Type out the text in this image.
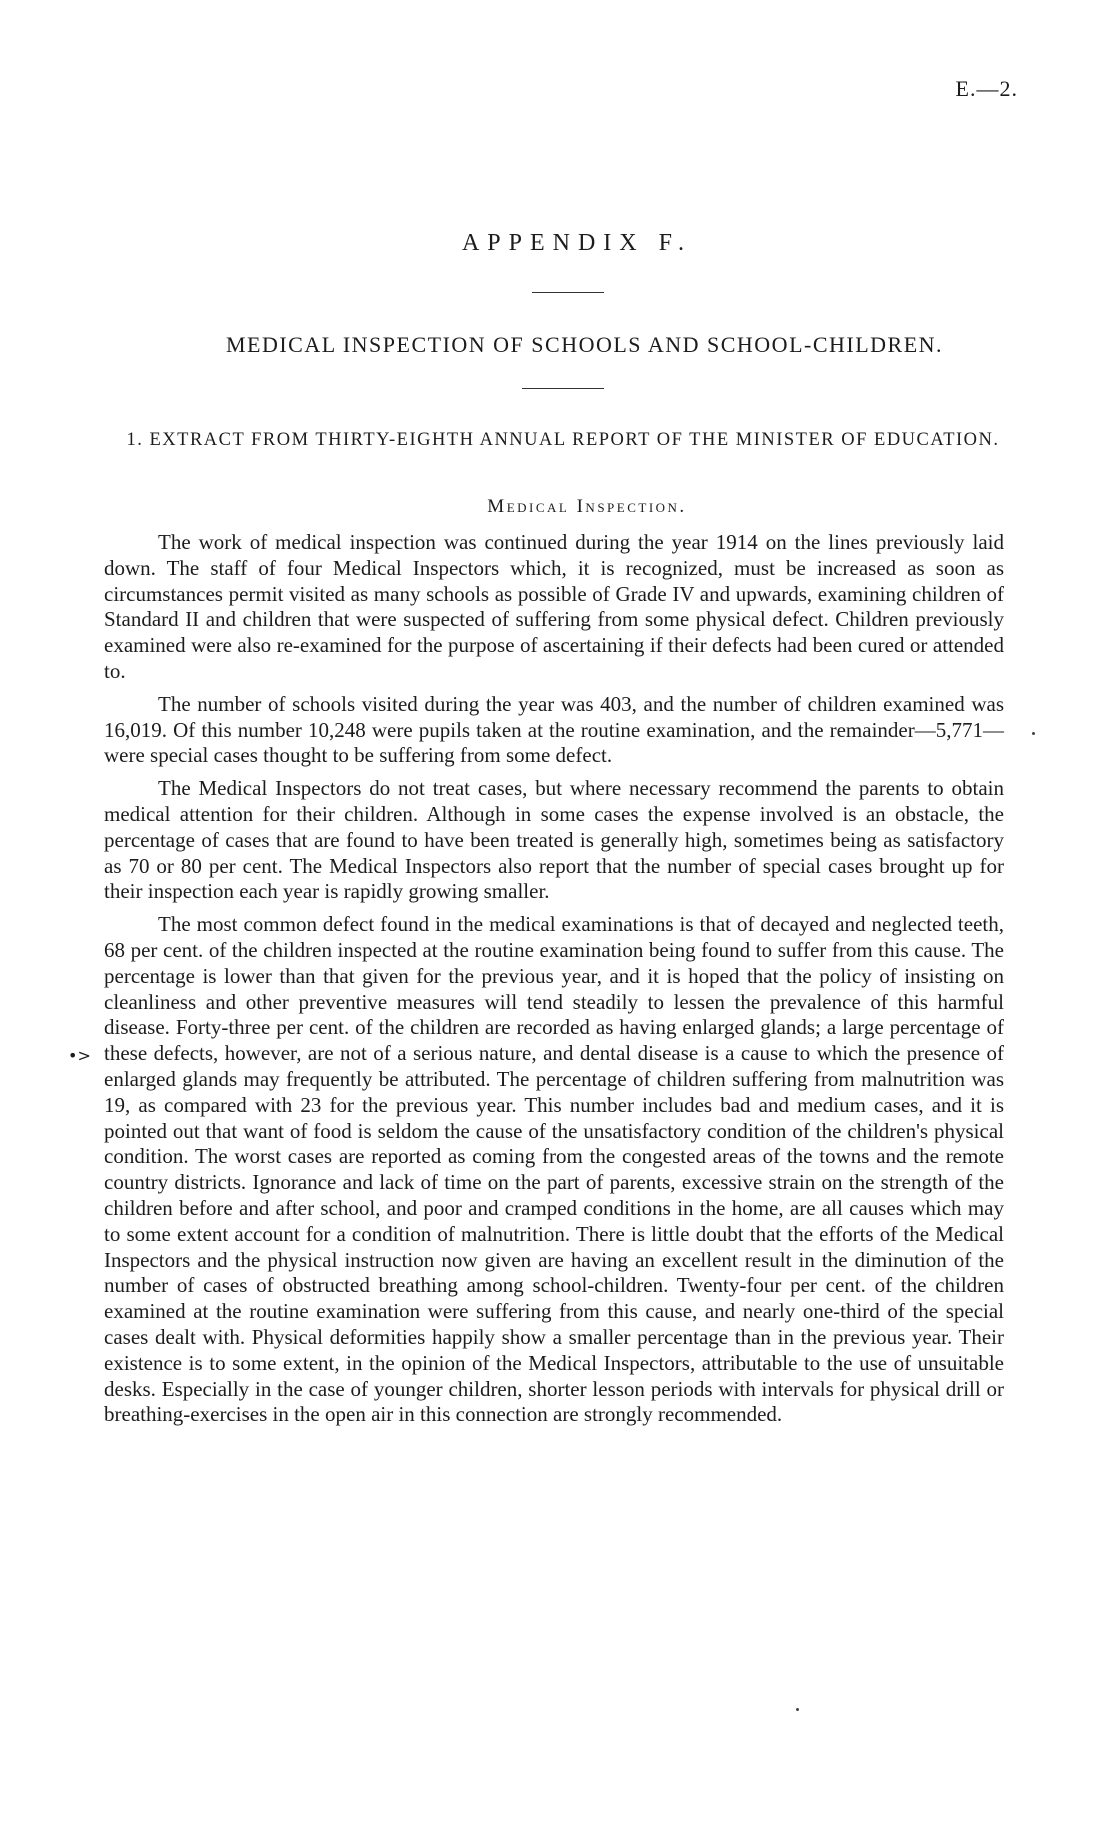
E.—2.
APPENDIX F.
MEDICAL INSPECTION OF SCHOOLS AND SCHOOL-CHILDREN.
1. EXTRACT FROM THIRTY-EIGHTH ANNUAL REPORT OF THE MINISTER OF EDUCATION.
Medical Inspection.

The work of medical inspection was continued during the year 1914 on the lines previously laid down. The staff of four Medical Inspectors which, it is recognized, must be increased as soon as circumstances permit visited as many schools as possible of Grade IV and upwards, examining children of Standard II and children that were suspected of suffering from some physical defect. Children previously examined were also re-examined for the purpose of ascertaining if their defects had been cured or attended to.

The number of schools visited during the year was 403, and the number of children examined was 16,019. Of this number 10,248 were pupils taken at the routine examination, and the remainder—5,771—were special cases thought to be suffering from some defect.

The Medical Inspectors do not treat cases, but where necessary recommend the parents to obtain medical attention for their children. Although in some cases the expense involved is an obstacle, the percentage of cases that are found to have been treated is generally high, sometimes being as satisfactory as 70 or 80 per cent. The Medical Inspectors also report that the number of special cases brought up for their inspection each year is rapidly growing smaller.

The most common defect found in the medical examinations is that of decayed and neglected teeth, 68 per cent. of the children inspected at the routine examination being found to suffer from this cause. The percentage is lower than that given for the previous year, and it is hoped that the policy of insisting on cleanliness and other preventive measures will tend steadily to lessen the prevalence of this harmful disease. Forty-three per cent. of the children are recorded as having enlarged glands; a large percentage of these defects, however, are not of a serious nature, and dental disease is a cause to which the presence of enlarged glands may frequently be attributed. The percentage of children suffering from malnutrition was 19, as compared with 23 for the previous year. This number includes bad and medium cases, and it is pointed out that want of food is seldom the cause of the unsatisfactory condition of the children's physical condition. The worst cases are reported as coming from the congested areas of the towns and the remote country districts. Ignorance and lack of time on the part of parents, excessive strain on the strength of the children before and after school, and poor and cramped conditions in the home, are all causes which may to some extent account for a condition of malnutrition. There is little doubt that the efforts of the Medical Inspectors and the physical instruction now given are having an excellent result in the diminution of the number of cases of obstructed breathing among school-children. Twenty-four per cent. of the children examined at the routine examination were suffering from this cause, and nearly one-third of the special cases dealt with. Physical deformities happily show a smaller percentage than in the previous year. Their existence is to some extent, in the opinion of the Medical Inspectors, attributable to the use of unsuitable desks. Especially in the case of younger children, shorter lesson periods with intervals for physical drill or breathing-exercises in the open air in this connection are strongly recommended.

•>
